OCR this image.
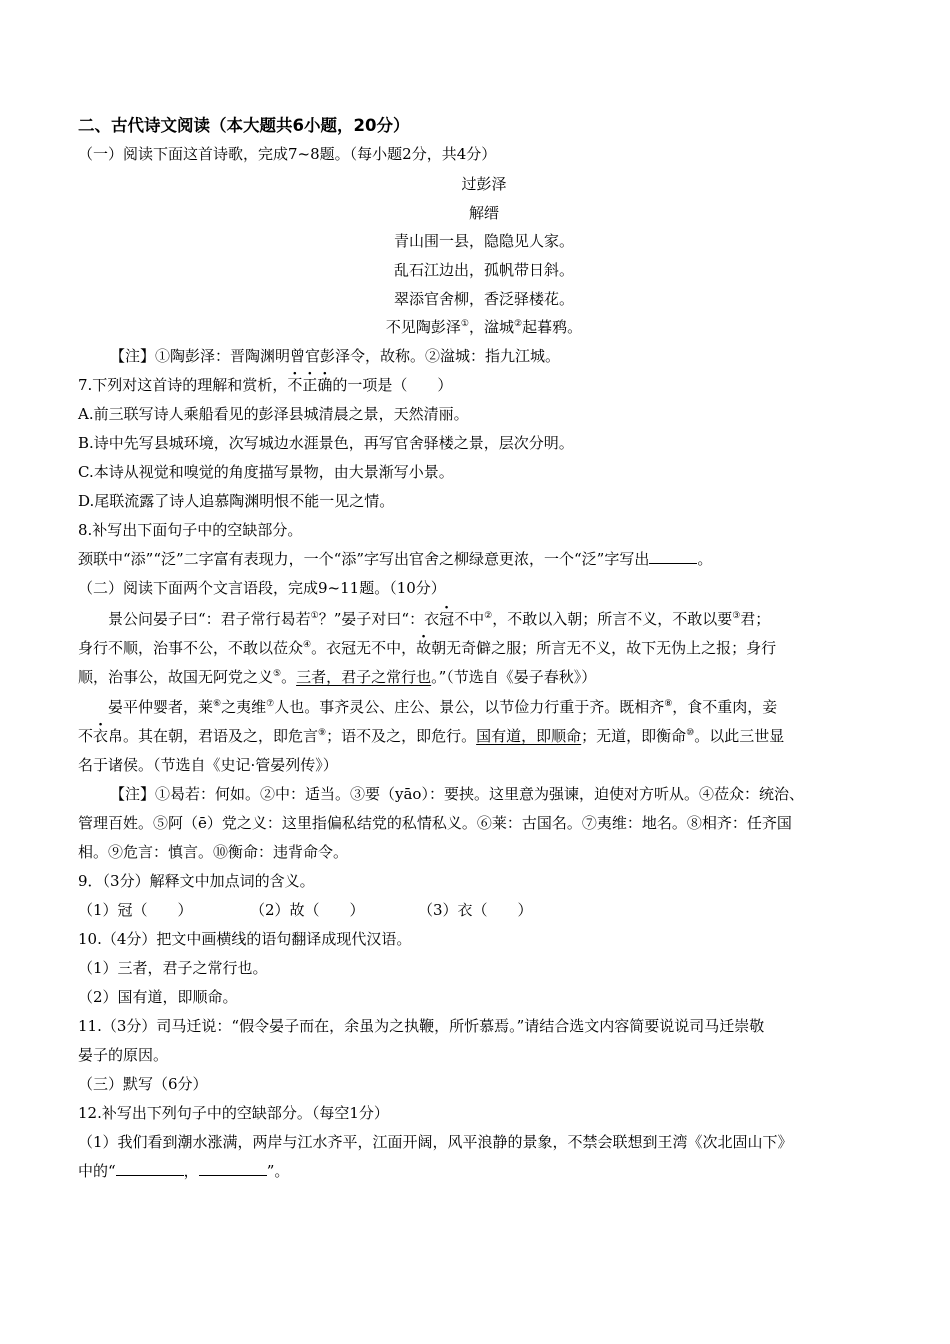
二、古代诗文阅读（本大题共6小题，20分）
（一）阅读下面这首诗歌，完成7~8题。（每小题2分，共4分）
过彭泽
解缙
青山围一县，隐隐见人家。
乱石江边出，孤帆带日斜。
翠添官舍柳，香泛驿楼花。
不见陶彭泽①，湓城②起暮鸦。
【注】①陶彭泽：晋陶渊明曾官彭泽令，故称。②湓城：指九江城。
7.下列对这首诗的理解和赏析，不正确的一项是（　　）
A.前三联写诗人乘船看见的彭泽县城清晨之景，天然清丽。
B.诗中先写县城环境，次写城边水涯景色，再写官舍驿楼之景，层次分明。
C.本诗从视觉和嗅觉的角度描写景物，由大景渐写小景。
D.尾联流露了诗人追慕陶渊明恨不能一见之情。
8.补写出下面句子中的空缺部分。
颈联中“添”“泛”二字富有表现力，一个“添”字写出官舍之柳绿意更浓，一个“泛”字写出	。
（二）阅读下面两个文言语段，完成9~11题。（10分）
景公问晏子曰“：君子常行曷若①？”晏子对曰“：衣冠不中②，不敢以入朝；所言不义，不敢以要③君；
身行不顺，治事不公，不敢以莅众④。衣冠无不中，故朝无奇僻之服；所言无不义，故下无伪上之报；身行
顺，治事公，故国无阿党之义⑤。三者，君子之常行也。”（节选自《晏子春秋》）
晏平仲婴者，莱⑥之夷维⑦人也。事齐灵公、庄公、景公，以节俭力行重于齐。既相齐⑧，食不重肉，妾
不衣帛。其在朝，君语及之，即危言⑨；语不及之，即危行。国有道，即顺命；无道，即衡命⑩。以此三世显
名于诸侯。（节选自《史记·管晏列传》）
【注】①曷若：何如。②中：适当。③要（yāo）：要挟。这里意为强谏，迫使对方听从。④莅众：统治、
管理百姓。⑤阿（ē）党之义：这里指偏私结党的私情私义。⑥莱：古国名。⑦夷维：地名。⑧相齐：任齐国
相。⑨危言：慎言。⑩衡命：违背命令。
9．（3分）解释文中加点词的含义。
（1）冠（　　）	（2）故（　　）	（3）衣（　　）
10.（4分）把文中画横线的语句翻译成现代汉语。
（1）三者，君子之常行也。
（2）国有道，即顺命。
11.（3分）司马迁说：“假令晏子而在，余虽为之执鞭，所忻慕焉。”请结合选文内容简要说说司马迁崇敬
晏子的原因。
（三）默写（6分）
12.补写出下列句子中的空缺部分。（每空1分）
（1）我们看到潮水涨满，两岸与江水齐平，江面开阔，风平浪静的景象，不禁会联想到王湾《次北固山下》
中的“	，	”。
